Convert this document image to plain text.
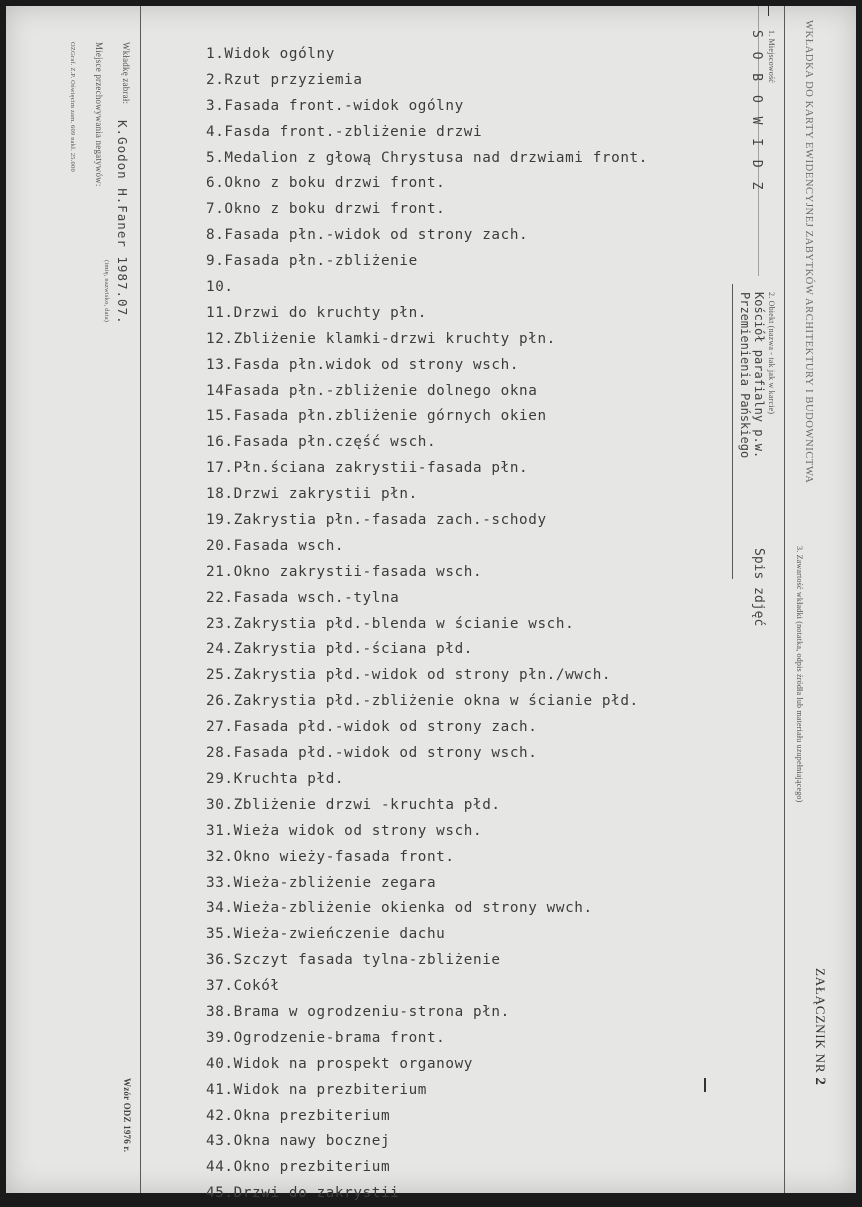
1.Widok ogólny
2.Rzut przyziemia
3.Fasada front.-widok ogólny
4.Fasda front.-zbliżenie drzwi
5.Medalion z głową Chrystusa nad drzwiami front.
6.Okno z boku drzwi front.
7.Okno z boku drzwi front.
8.Fasada płn.-widok od strony zach.
9.Fasada płn.-zbliżenie
10.
11.Drzwi do kruchty płn.
12.Zbliżenie klamki-drzwi kruchty płn.
13.Fasda płn.widok od strony wsch.
14Fasada płn.-zbliżenie dolnego okna
15.Fasada płn.zbliżenie górnych okien
16.Fasada płn.część wsch.
17.Płn.ściana zakrystii-fasada płn.
18.Drzwi zakrystii płn.
19.Zakrystia płn.-fasada zach.-schody
20.Fasada wsch.
21.Okno zakrystii-fasada wsch.
22.Fasada wsch.-tylna
23.Zakrystia płd.-blenda w ścianie wsch.
24.Zakrystia płd.-ściana płd.
25.Zakrystia płd.-widok od strony płn./wwch.
26.Zakrystia płd.-zbliżenie okna w ścianie płd.
27.Fasada płd.-widok od strony zach.
28.Fasada płd.-widok od strony wsch.
29.Kruchta płd.
30.Zbliżenie drzwi -kruchta płd.
31.Wieża widok od strony wsch.
32.Okno wieży-fasada front.
33.Wieża-zbliżenie zegara
34.Wieża-zbliżenie okienka od strony wwch.
35.Wieża-zwieńczenie dachu
36.Szczyt fasada tylna-zbliżenie
37.Cokół
38.Brama w ogrodzeniu-strona płn.
39.Ogrodzenie-brama front.
40.Widok na prospekt organowy
41.Widok na prezbiterium
42.Okna prezbiterium
43.Okna nawy bocznej
44.Okno prezbiterium
45.Drzwi do zakrystii
WKŁADKA DO KARTY EWIDENCYJNEJ ZABYTKÓW ARCHITEKTURY I BUDOWNICTWA
1. Miejscowość
S O B O W I D Z
2. Obiekt (nazwa - tak jak w karcie)
Kościół parafialny p.w.
Przemienienia Pańskiego
3. Zawartość wkładki (notatka, odpis źródła lub materiału uzupełniającego)
Spis zdjęć
ZAŁĄCZNIK NR 2
Wkładkę zabrał:
K.Godon H.Faner 1987.07.
(imię, nazwisko, data)
Miejsce przechowywania negatywów:
OZGraf. Z.P. Oświęcim zam. 609 nakł. 25.000
Wzór ODZ 1976 r.
